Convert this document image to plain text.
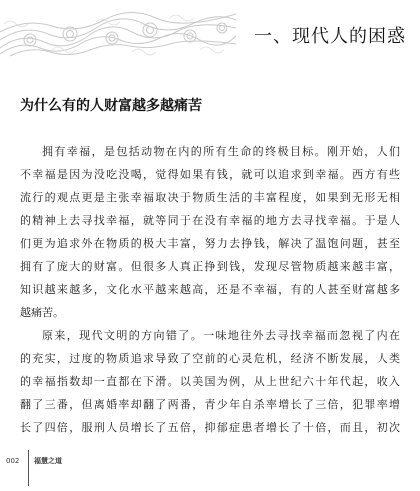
一、现代人的困惑
为什么有的人财富越多越痛苦
拥有幸福，是包括动物在内的所有生命的终极目标。刚开始，人们
不幸福是因为没吃没喝，觉得如果有钱，就可以追求到幸福。西方有些
流行的观点更是主张幸福取决于物质生活的丰富程度，如果到无形无相
的精神上去寻找幸福，就等同于在没有幸福的地方去寻找幸福。于是人
们更为追求外在物质的极大丰富，努力去挣钱，解决了温饱问题，甚至
拥有了庞大的财富。但很多人真正挣到钱，发现尽管物质越来越丰富，
知识越来越多，文化水平越来越高，还是不幸福，有的人甚至财富越多
越痛苦。
原来，现代文明的方向错了。一味地往外去寻找幸福而忽视了内在
的充实，过度的物质追求导致了空前的心灵危机，经济不断发展，人类
的幸福指数却一直都在下滑。以美国为例，从上世纪六十年代起，收入
翻了三番，但离婚率却翻了两番，青少年自杀率增长了三倍，犯罪率增
长了四倍，服刑人员增长了五倍，抑郁症患者增长了十倍，而且，初次
002 福慧之道
